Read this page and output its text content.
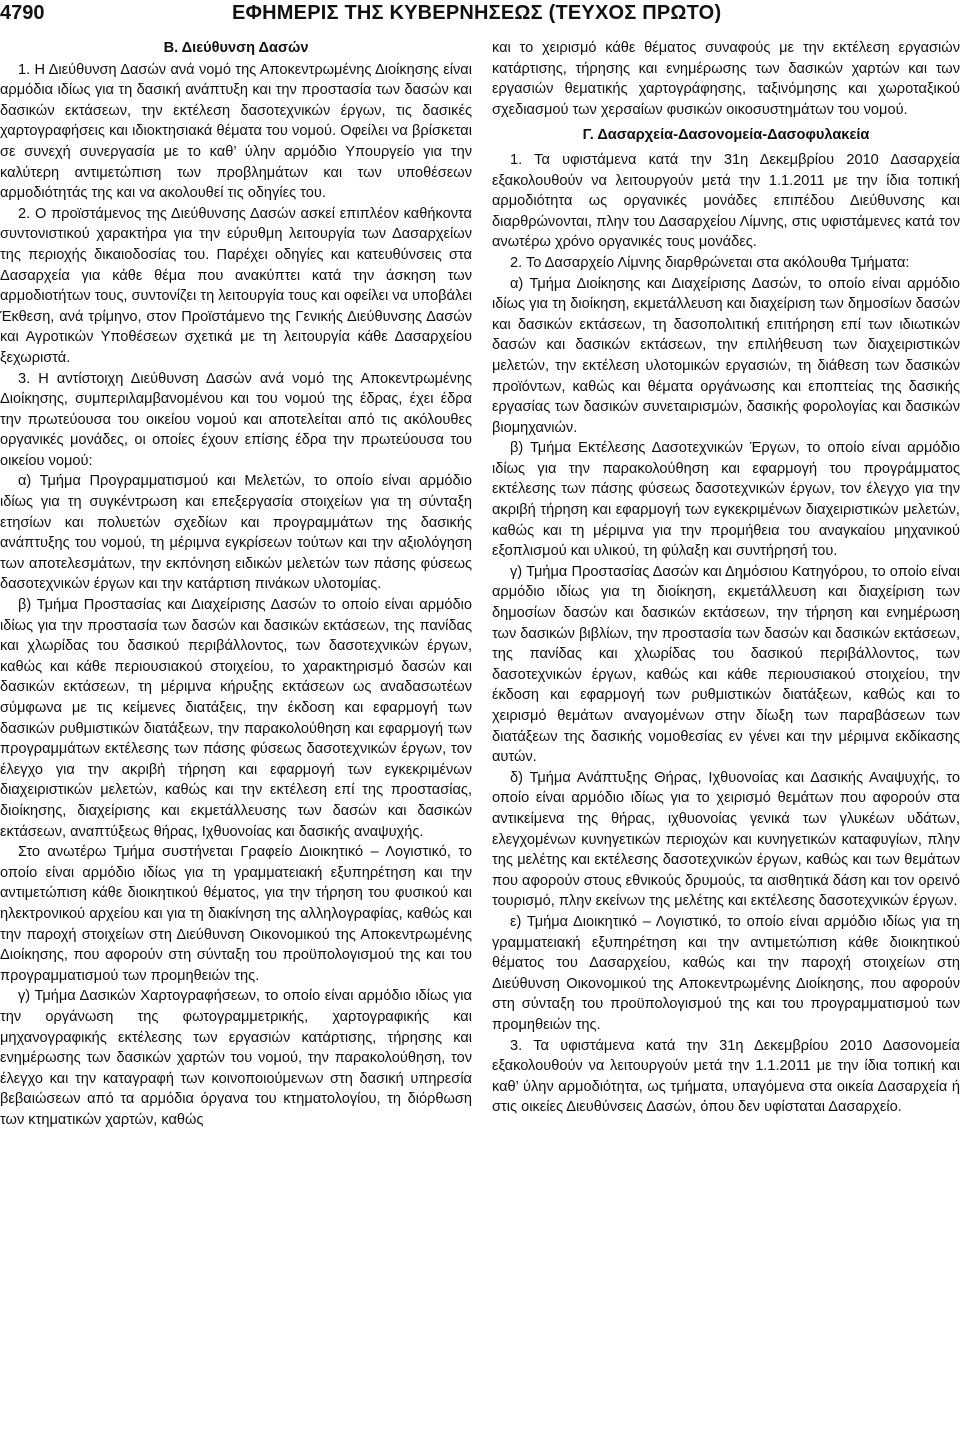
4790	ΕΦΗΜΕΡΙΣ ΤΗΣ ΚΥΒΕΡΝΗΣΕΩΣ (ΤΕΥΧΟΣ ΠΡΩΤΟ)
Β. Διεύθυνση Δασών

1. Η Διεύθυνση Δασών ανά νομό της Αποκεντρωμένης Διοίκησης είναι αρμόδια ιδίως για τη δασική ανάπτυξη και την προστασία των δασών και δασικών εκτάσεων, την εκτέλεση δασοτεχνικών έργων, τις δασικές χαρτογραφήσεις και ιδιοκτησιακά θέματα του νομού. Οφείλει να βρίσκεται σε συνεχή συνεργασία με το καθ’ ύλην αρμόδιο Υπουργείο για την καλύτερη αντιμετώπιση των προβλημάτων και των υποθέσεων αρμοδιότητάς της και να ακολουθεί τις οδηγίες του.

2. Ο προϊστάμενος της Διεύθυνσης Δασών ασκεί επιπλέον καθήκοντα συντονιστικού χαρακτήρα για την εύρυθμη λειτουργία των Δασαρχείων της περιοχής δικαιοδοσίας του. Παρέχει οδηγίες και κατευθύνσεις στα Δασαρχεία για κάθε θέμα που ανακύπτει κατά την άσκηση των αρμοδιοτήτων τους, συντονίζει τη λειτουργία τους και οφείλει να υποβάλει Έκθεση, ανά τρίμηνο, στον Προϊστάμενο της Γενικής Διεύθυνσης Δασών και Αγροτικών Υποθέσεων σχετικά με τη λειτουργία κάθε Δασαρχείου ξεχωριστά.

3. Η αντίστοιχη Διεύθυνση Δασών ανά νομό της Αποκεντρωμένης Διοίκησης, συμπεριλαμβανομένου και του νομού της έδρας, έχει έδρα την πρωτεύουσα του οικείου νομού και αποτελείται από τις ακόλουθες οργανικές μονάδες, οι οποίες έχουν επίσης έδρα την πρωτεύουσα του οικείου νομού:

α) Τμήμα Προγραμματισμού και Μελετών, το οποίο είναι αρμόδιο ιδίως για τη συγκέντρωση και επεξεργασία στοιχείων για τη σύνταξη ετησίων και πολυετών σχεδίων και προγραμμάτων της δασικής ανάπτυξης του νομού, τη μέριμνα εγκρίσεων τούτων και την αξιολόγηση των αποτελεσμάτων, την εκπόνηση ειδικών μελετών των πάσης φύσεως δασοτεχνικών έργων και την κατάρτιση πινάκων υλοτομίας.

β) Τμήμα Προστασίας και Διαχείρισης Δασών το οποίο είναι αρμόδιο ιδίως για την προστασία των δασών και δασικών εκτάσεων, της πανίδας και χλωρίδας του δασικού περιβάλλοντος, των δασοτεχνικών έργων, καθώς και κάθε περιουσιακού στοιχείου, το χαρακτηρισμό δασών και δασικών εκτάσεων, τη μέριμνα κήρυξης εκτάσεων ως αναδασωτέων σύμφωνα με τις κείμενες διατάξεις, την έκδοση και εφαρμογή των δασικών ρυθμιστικών διατάξεων, την παρακολούθηση και εφαρμογή των προγραμμάτων εκτέλεσης των πάσης φύσεως δασοτεχνικών έργων, τον έλεγχο για την ακριβή τήρηση και εφαρμογή των εγκεκριμένων διαχειριστικών μελετών, καθώς και την εκτέλεση επί της προστασίας, διοίκησης, διαχείρισης και εκμετάλλευσης των δασών και δασικών εκτάσεων, αναπτύξεως θήρας, Ιχθυονοίας και δασικής αναψυχής.

Στο ανωτέρω Τμήμα συστήνεται Γραφείο Διοικητικό – Λογιστικό, το οποίο είναι αρμόδιο ιδίως για τη γραμματειακή εξυπηρέτηση και την αντιμετώπιση κάθε διοικητικού θέματος, για την τήρηση του φυσικού και ηλεκτρονικού αρχείου και για τη διακίνηση της αλληλογραφίας, καθώς και την παροχή στοιχείων στη Διεύθυνση Οικονομικού της Αποκεντρωμένης Διοίκησης, που αφορούν στη σύνταξη του προϋπολογισμού της και του προγραμματισμού των προμηθειών της.

γ) Τμήμα Δασικών Χαρτογραφήσεων, το οποίο είναι αρμόδιο ιδίως για την οργάνωση της φωτογραμμετρικής, χαρτογραφικής και μηχανογραφικής εκτέλεσης των εργασιών κατάρτισης, τήρησης και ενημέρωσης των δασικών χαρτών του νομού, την παρακολούθηση, τον έλεγχο και την καταγραφή των κοινοποιούμενων στη δασική υπηρεσία βεβαιώσεων από τα αρμόδια όργανα του κτηματολογίου, τη διόρθωση των κτηματικών χαρτών, καθώς

και το χειρισμό κάθε θέματος συναφούς με την εκτέλεση εργασιών κατάρτισης, τήρησης και ενημέρωσης των δασικών χαρτών και των εργασιών θεματικής χαρτογράφησης, ταξινόμησης και χωροταξικού σχεδιασμού των χερσαίων φυσικών οικοσυστημάτων του νομού.

Γ. Δασαρχεία-Δασονομεία-Δασοφυλακεία

1. Τα υφιστάμενα κατά την 31η Δεκεμβρίου 2010 Δασαρχεία εξακολουθούν να λειτουργούν μετά την 1.1.2011 με την ίδια τοπική αρμοδιότητα ως οργανικές μονάδες επιπέδου Διεύθυνσης και διαρθρώνονται, πλην του Δασαρχείου Λίμνης, στις υφιστάμενες κατά τον ανωτέρω χρόνο οργανικές τους μονάδες.

2. Το Δασαρχείο Λίμνης διαρθρώνεται στα ακόλουθα Τμήματα:

α) Τμήμα Διοίκησης και Διαχείρισης Δασών, το οποίο είναι αρμόδιο ιδίως για τη διοίκηση, εκμετάλλευση και διαχείριση των δημοσίων δασών και δασικών εκτάσεων, τη δασοπολιτική επιτήρηση επί των ιδιωτικών δασών και δασικών εκτάσεων, την επιλήθευση των διαχειριστικών μελετών, την εκτέλεση υλοτομικών εργασιών, τη διάθεση των δασικών προϊόντων, καθώς και θέματα οργάνωσης και εποπτείας της δασικής εργασίας των δασικών συνεταιρισμών, δασικής φορολογίας και δασικών βιομηχανιών.

β) Τμήμα Εκτέλεσης Δασοτεχνικών Έργων, το οποίο είναι αρμόδιο ιδίως για την παρακολούθηση και εφαρμογή του προγράμματος εκτέλεσης των πάσης φύσεως δασοτεχνικών έργων, τον έλεγχο για την ακριβή τήρηση και εφαρμογή των εγκεκριμένων διαχειριστικών μελετών, καθώς και τη μέριμνα για την προμήθεια του αναγκαίου μηχανικού εξοπλισμού και υλικού, τη φύλαξη και συντήρησή του.

γ) Τμήμα Προστασίας Δασών και Δημόσιου Κατηγόρου, το οποίο είναι αρμόδιο ιδίως για τη διοίκηση, εκμετάλλευση και διαχείριση των δημοσίων δασών και δασικών εκτάσεων, την τήρηση και ενημέρωση των δασικών βιβλίων, την προστασία των δασών και δασικών εκτάσεων, της πανίδας και χλωρίδας του δασικού περιβάλλοντος, των δασοτεχνικών έργων, καθώς και κάθε περιουσιακού στοιχείου, την έκδοση και εφαρμογή των ρυθμιστικών διατάξεων, καθώς και το χειρισμό θεμάτων αναγομένων στην δίωξη των παραβάσεων των διατάξεων της δασικής νομοθεσίας εν γένει και την μέριμνα εκδίκασης αυτών.

δ) Τμήμα Ανάπτυξης Θήρας, Ιχθυονοίας και Δασικής Αναψυχής, το οποίο είναι αρμόδιο ιδίως για το χειρισμό θεμάτων που αφορούν στα αντικείμενα της θήρας, ιχθυονοίας γενικά των γλυκέων υδάτων, ελεγχομένων κυνηγετικών περιοχών και κυνηγετικών καταφυγίων, πλην της μελέτης και εκτέλεσης δασοτεχνικών έργων, καθώς και των θεμάτων που αφορούν στους εθνικούς δρυμούς, τα αισθητικά δάση και τον ορεινό τουρισμό, πλην εκείνων της μελέτης και εκτέλεσης δασοτεχνικών έργων.

ε) Τμήμα Διοικητικό – Λογιστικό, το οποίο είναι αρμόδιο ιδίως για τη γραμματειακή εξυπηρέτηση και την αντιμετώπιση κάθε διοικητικού θέματος του Δασαρχείου, καθώς και την παροχή στοιχείων στη Διεύθυνση Οικονομικού της Αποκεντρωμένης Διοίκησης, που αφορούν στη σύνταξη του προϋπολογισμού της και του προγραμματισμού των προμηθειών της.

3. Τα υφιστάμενα κατά την 31η Δεκεμβρίου 2010 Δασονομεία εξακολουθούν να λειτουργούν μετά την 1.1.2011 με την ίδια τοπική και καθ’ ύλην αρμοδιότητα, ως τμήματα, υπαγόμενα στα οικεία Δασαρχεία ή στις οικείες Διευθύνσεις Δασών, όπου δεν υφίσταται Δασαρχείο.
